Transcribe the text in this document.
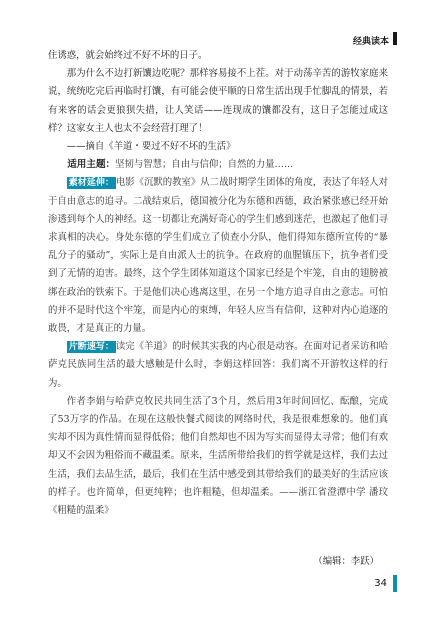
经典读本

住诱惑，就会始终过不好不坏的日子。

那为什么不边打新馕边吃呢？那样容易接不上茬。对于动荡辛苦的游牧家庭来说，统统吃完后再临时打馕，有可能会使平顺的日常生活出现手忙脚乱的情景，若有来客的话会更狼狈失措，让人笑话——连现成的馕都没有，这日子怎能过成这样？这家女主人也太不会经营打理了！

——摘自《羊道・要过不好不坏的生活》

适用主题：坚韧与智慧；自由与信仰；自然的力量……

素材延伸： 电影《沉默的教室》从二战时期学生团体的角度，表达了年轻人对于自由意志的追寻。二战结束后，德国被分化为东德和西德，政治紧张感已经开始渗透到每个人的神经。这一切都让充满好奇心的学生们感到迷茫，也激起了他们寻求真相的决心。身处东德的学生们成立了侦查小分队，他们得知东德所宣传的“暴乱分子的骚动”，实际上是自由派人士的抗争。在政府的血腥镇压下，抗争者们受到了无情的迫害。最终，这个学生团体知道这个国家已经是个牢笼，自由的翅膀被绑在政治的铁索下。于是他们决心逃离这里，在另一个地方追寻自由之意志。可怕的并不是时代这个牢笼，而是内心的束缚，年轻人应当有信仰，这种对内心追逐的敢畏，才是真正的力量。

片断速写： 读完《羊道》的时候其实我的内心很是动容。在面对记者采访和哈萨克民族同生活的最大感触是什么时，李娟这样回答：我们离不开游牧这样的行为。

作者李娟与哈萨克牧民共同生活了3个月，然后用3年时间回忆、酝酿，完成了53万字的作品。在现在这般快餐式阅读的网络时代，我是很难想象的。他们真实却不因为真性情而显得低俗；他们自然却也不因为写实而显得太寻常；他们有欢却又不会因为粗俗而不藏温柔。原来，生活所带给我们的哲学就是这样，我们去过生活，我们去品生活，最后，我们在生活中感受到其带给我们的最美好的生活应该的样子。也许简单，但更纯粹；也许粗糙，但却温柔。——浙江省澄潭中学 潘玟《粗糙的温柔》

（编辑：李跃）
34
